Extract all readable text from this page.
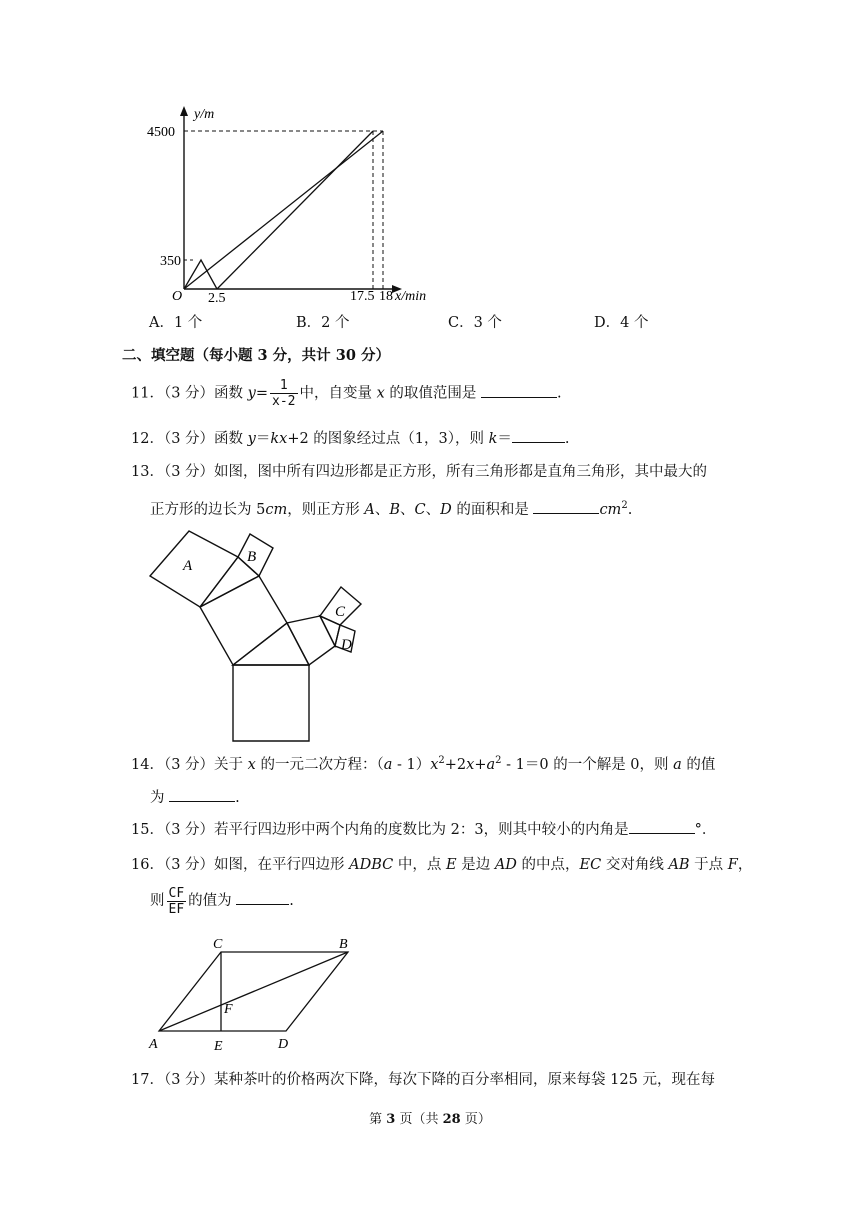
y/m
4500
350
O 2.5	17.5 18 x/min
A．1 个	B．2 个	C．3 个	D．4 个
二、填空题（每小题 3 分，共计 30 分）
11．（3 分）函数 $y= \frac{1}{x-2}$ 中，自变量 x 的取值范围是	.
12．（3 分）函数 y＝kx+2 的图象经过点（1，3），则 k＝	.
13．（3 分）如图，图中所有四边形都是正方形，所有三角形都是直角三角形，其中最大的
正方形的边长为 5cm，则正方形 A、B、C、D 的面积和是	$cm^2$.
A
B
C
D
14．（3 分）关于 x 的一元二次方程：$(a - 1)x^2+2x+a^2 - 1=0$ 的一个解是 0，则 a 的值
为	.
15．（3 分）若平行四边形中两个内角的度数比为 2：3，则其中较小的内角是	°．
16．（3 分）如图，在平行四边形 ADBC 中，点 E 是边 AD 的中点，EC 交对角线 AB 于点 F，
则 $\frac{CF}{EF}$ 的值为	.
C	B
F
A	E	D
17．（3 分）某种茶叶的价格两次下降，每次下降的百分率相同，原来每袋 125 元，现在每
第 3 页（共 28 页）
